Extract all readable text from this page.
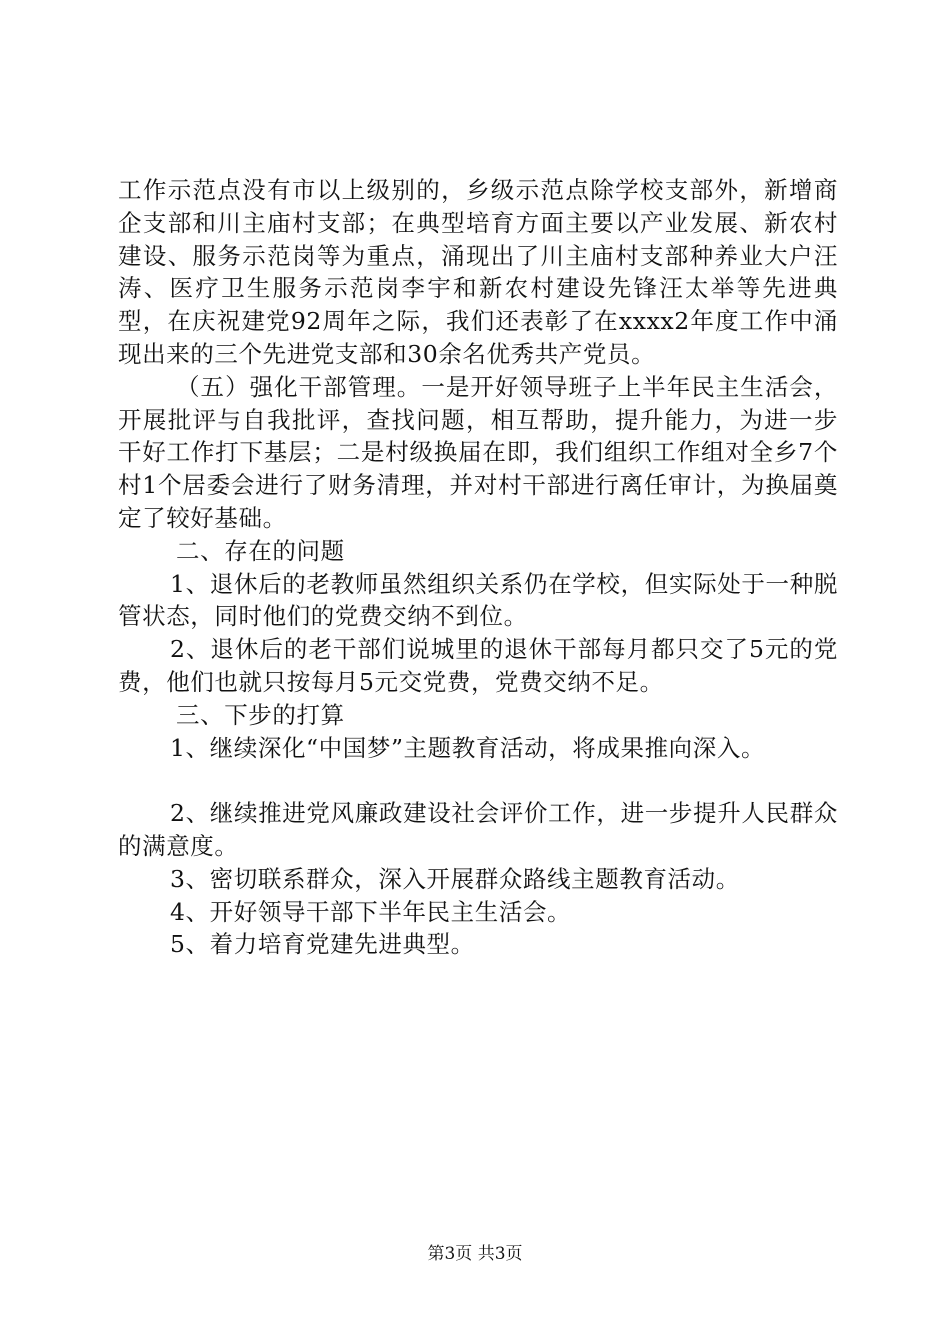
工作示范点没有市以上级别的，乡级示范点除学校支部外，新增商企支部和川主庙村支部；在典型培育方面主要以产业发展、新农村建设、服务示范岗等为重点，涌现出了川主庙村支部种养业大户汪涛、医疗卫生服务示范岗李宇和新农村建设先锋汪太举等先进典型，在庆祝建党92周年之际，我们还表彰了在xxxx2年度工作中涌现出来的三个先进党支部和30余名优秀共产党员。

（五）强化干部管理。一是开好领导班子上半年民主生活会，开展批评与自我批评，查找问题，相互帮助，提升能力，为进一步干好工作打下基层；二是村级换届在即，我们组织工作组对全乡7个村1个居委会进行了财务清理，并对村干部进行离任审计，为换届奠定了较好基础。

二、存在的问题

1、退休后的老教师虽然组织关系仍在学校，但实际处于一种脱管状态，同时他们的党费交纳不到位。

2、退休后的老干部们说城里的退休干部每月都只交了5元的党费，他们也就只按每月5元交党费，党费交纳不足。

三、下步的打算

1、继续深化“中国梦”主题教育活动，将成果推向深入。

2、继续推进党风廉政建设社会评价工作，进一步提升人民群众的满意度。

3、密切联系群众，深入开展群众路线主题教育活动。

4、开好领导干部下半年民主生活会。

5、着力培育党建先进典型。

第3页 共3页
